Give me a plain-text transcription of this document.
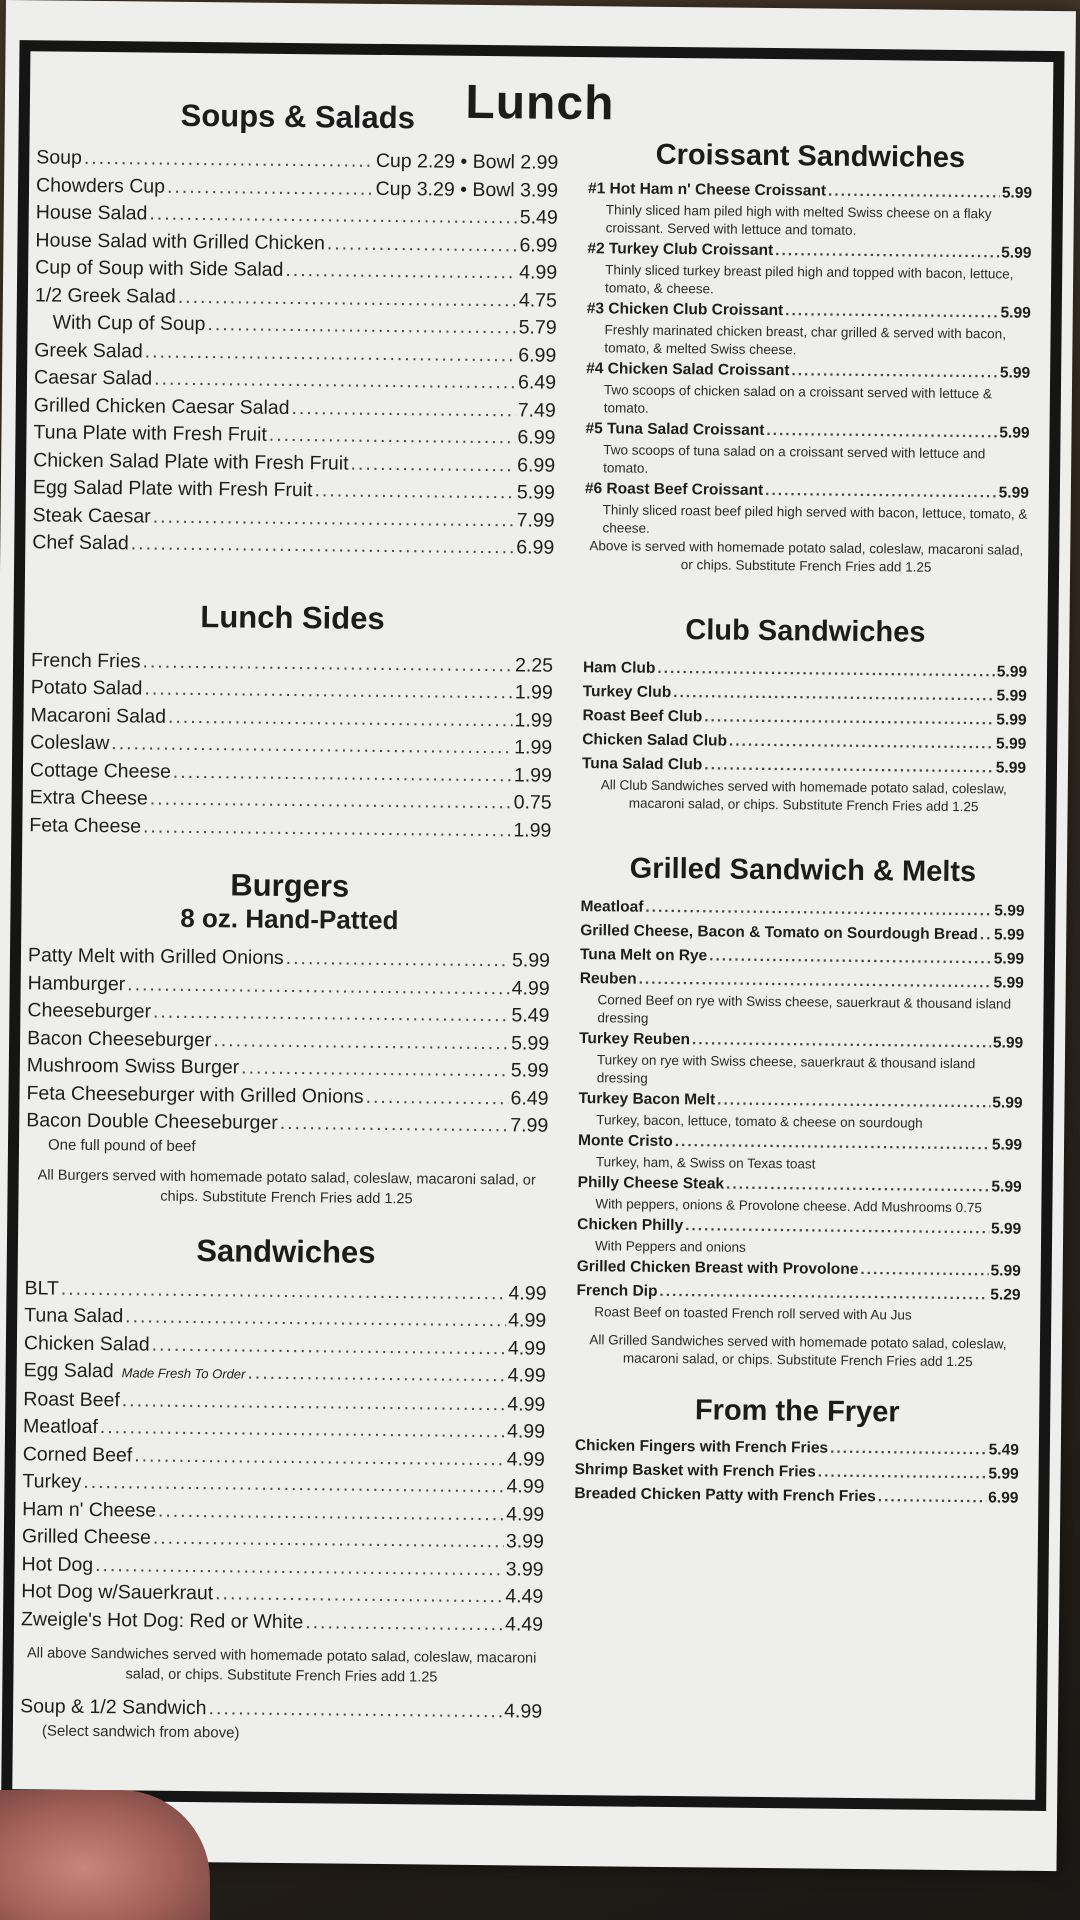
Lunch
Soups & Salads
Soup .....	Cup 2.29 • Bowl 2.99
Chowders Cup .....	Cup 3.29 • Bowl 3.99
House Salad .....	5.49
House Salad with Grilled Chicken .....	6.99
Cup of Soup with Side Salad .....	4.99
1/2 Greek Salad .....	4.75
With Cup of Soup .....	5.79
Greek Salad .....	6.99
Caesar Salad .....	6.49
Grilled Chicken Caesar Salad .....	7.49
Tuna Plate with Fresh Fruit .....	6.99
Chicken Salad Plate with Fresh Fruit .....	6.99
Egg Salad Plate with Fresh Fruit .....	5.99
Steak Caesar .....	7.99
Chef Salad .....	6.99
Lunch Sides
French Fries .....	2.25
Potato Salad .....	1.99
Macaroni Salad .....	1.99
Coleslaw .....	1.99
Cottage Cheese .....	1.99
Extra Cheese .....	0.75
Feta Cheese .....	1.99
Burgers
8 oz. Hand-Patted
Patty Melt with Grilled Onions .....	5.99
Hamburger .....	4.99
Cheeseburger .....	5.49
Bacon Cheeseburger .....	5.99
Mushroom Swiss Burger .....	5.99
Feta Cheeseburger with Grilled Onions .....	6.49
Bacon Double Cheeseburger .....	7.99
One full pound of beef
All Burgers served with homemade potato salad, coleslaw, macaroni salad, or chips. Substitute French Fries add 1.25
Sandwiches
BLT .....	4.99
Tuna Salad .....	4.99
Chicken Salad .....	4.99
Egg Salad Made Fresh To Order .....	4.99
Roast Beef .....	4.99
Meatloaf .....	4.99
Corned Beef .....	4.99
Turkey .....	4.99
Ham n' Cheese .....	4.99
Grilled Cheese .....	3.99
Hot Dog .....	3.99
Hot Dog w/Sauerkraut .....	4.49
Zweigle's Hot Dog: Red or White .....	4.49
All above Sandwiches served with homemade potato salad, coleslaw, macaroni salad, or chips. Substitute French Fries add 1.25
Soup & 1/2 Sandwich .....	4.99
(Select sandwich from above)
Croissant Sandwiches
#1 Hot Ham n' Cheese Croissant .....	5.99
Thinly sliced ham piled high with melted Swiss cheese on a flaky croissant. Served with lettuce and tomato.
#2 Turkey Club Croissant .....	5.99
Thinly sliced turkey breast piled high and topped with bacon, lettuce, tomato, & cheese.
#3 Chicken Club Croissant .....	5.99
Freshly marinated chicken breast, char grilled & served with bacon, tomato, & melted Swiss cheese.
#4 Chicken Salad Croissant .....	5.99
Two scoops of chicken salad on a croissant served with lettuce & tomato.
#5 Tuna Salad Croissant .....	5.99
Two scoops of tuna salad on a croissant served with lettuce and tomato.
#6 Roast Beef Croissant .....	5.99
Thinly sliced roast beef piled high served with bacon, lettuce, tomato, & cheese.
Above is served with homemade potato salad, coleslaw, macaroni salad, or chips. Substitute French Fries add 1.25
Club Sandwiches
Ham Club .....	5.99
Turkey Club .....	5.99
Roast Beef Club .....	5.99
Chicken Salad Club .....	5.99
Tuna Salad Club .....	5.99
All Club Sandwiches served with homemade potato salad, coleslaw, macaroni salad, or chips. Substitute French Fries add 1.25
Grilled Sandwich & Melts
Meatloaf .....	5.99
Grilled Cheese, Bacon & Tomato on Sourdough Bread ..... 5.99
Tuna Melt on Rye .....	5.99
Reuben .....	5.99
Corned Beef on rye with Swiss cheese, sauerkraut & thousand island dressing
Turkey Reuben .....	5.99
Turkey on rye with Swiss cheese, sauerkraut & thousand island dressing
Turkey Bacon Melt .....	5.99
Turkey, bacon, lettuce, tomato & cheese on sourdough
Monte Cristo .....	5.99
Turkey, ham, & Swiss on Texas toast
Philly Cheese Steak .....	5.99
With peppers, onions & Provolone cheese. Add Mushrooms 0.75
Chicken Philly .....	5.99
With Peppers and onions
Grilled Chicken Breast with Provolone .....	5.99
French Dip .....	5.29
Roast Beef on toasted French roll served with Au Jus
All Grilled Sandwiches served with homemade potato salad, coleslaw, macaroni salad, or chips. Substitute French Fries add 1.25
From the Fryer
Chicken Fingers with French Fries .....	5.49
Shrimp Basket with French Fries .....	5.99
Breaded Chicken Patty with French Fries .....	6.99
